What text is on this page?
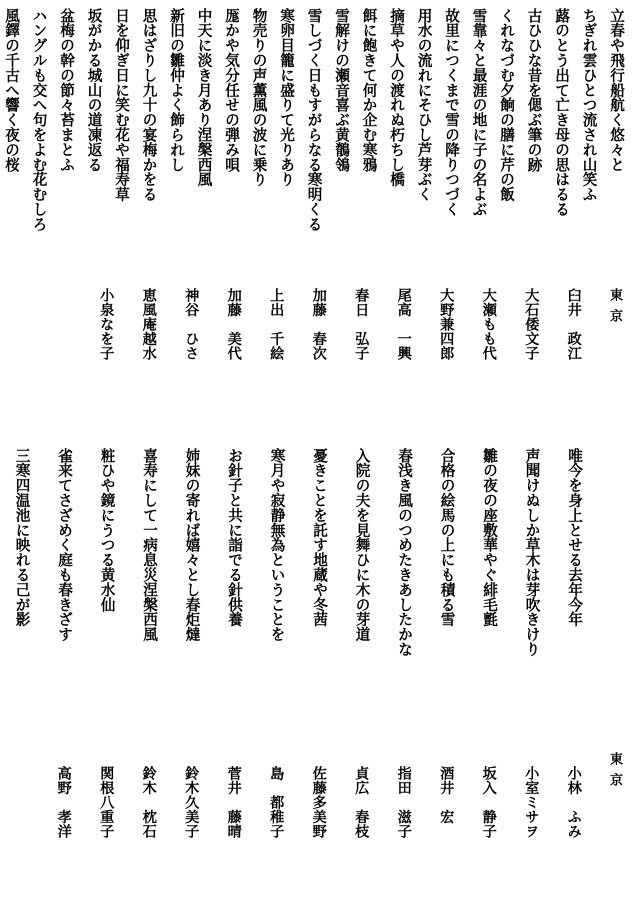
立春や飛行船航く悠々と
ちぎれ雲ひとつ流され山笑ふ
蕗のとう出て亡き母の思はるる
古ひひな昔を偲ぶ筆の跡
くれなづむ夕餉の膳に芹の飯
雪靠々と最涯の地に子の名よぶ
故里につくまで雪の降りつづく
用水の流れにそひし芦芽ぶく
摘草や人の渡れぬ朽ちし橋
餌に飽きて何か企む寒鴉
雪解けの瀬音喜ぶ黄鶺鴒
雪しづく日もすがらなる寒明くる
寒卵目籠に盛りて光りあり
物売りの声薫風の波に乗り
厖かや気分任せの弾み唄
中天に淡き月あり涅槃西風
新旧の雛仲よく飾られし
思はざりし九十の宴梅かをる
日を仰ぎ日に笑む花や福寿草
坂がかる城山の道凍返る
盆梅の幹の節々苔まとふ
ハングルも交へ句をよむ花むしろ
風鐸の千古へ響く夜の桜
東京
臼井　政江
唯今を身上とせる去年今年
大石倭文子
声聞けぬしか草木は芽吹きけり
大瀬もも代
雛の夜の座敷華やぐ緋毛氈
大野兼四郎
合格の絵馬の上にも積る雪
尾高　一興
春浅き風のつめたきあしたかな
春日　弘子
入院の夫を見舞ひに木の芽道
加藤　春次
憂きことを託す地蔵や冬茜
上出　千絵
寒月や寂静無為ということを
加藤　美代
お針子と共に詣でる針供養
神谷　ひさ
姉妹の寄れば嬉々とし春炬燵
恵風庵越水
喜寿にして一病息災涅槃西風
小泉なを子
粧ひや鏡にうつる黄水仙
雀来てさざめく庭も春きざす
三寒四温池に映れる己が影
東京
小林　ふみ
小室ミサヲ
坂入　静子
酒井　宏
指田　滋子
貞広　春枝
佐藤多美野
島　都稚子
菅井　藤晴
鈴木久美子
鈴木　枕石
関根八重子
高野　孝洋
